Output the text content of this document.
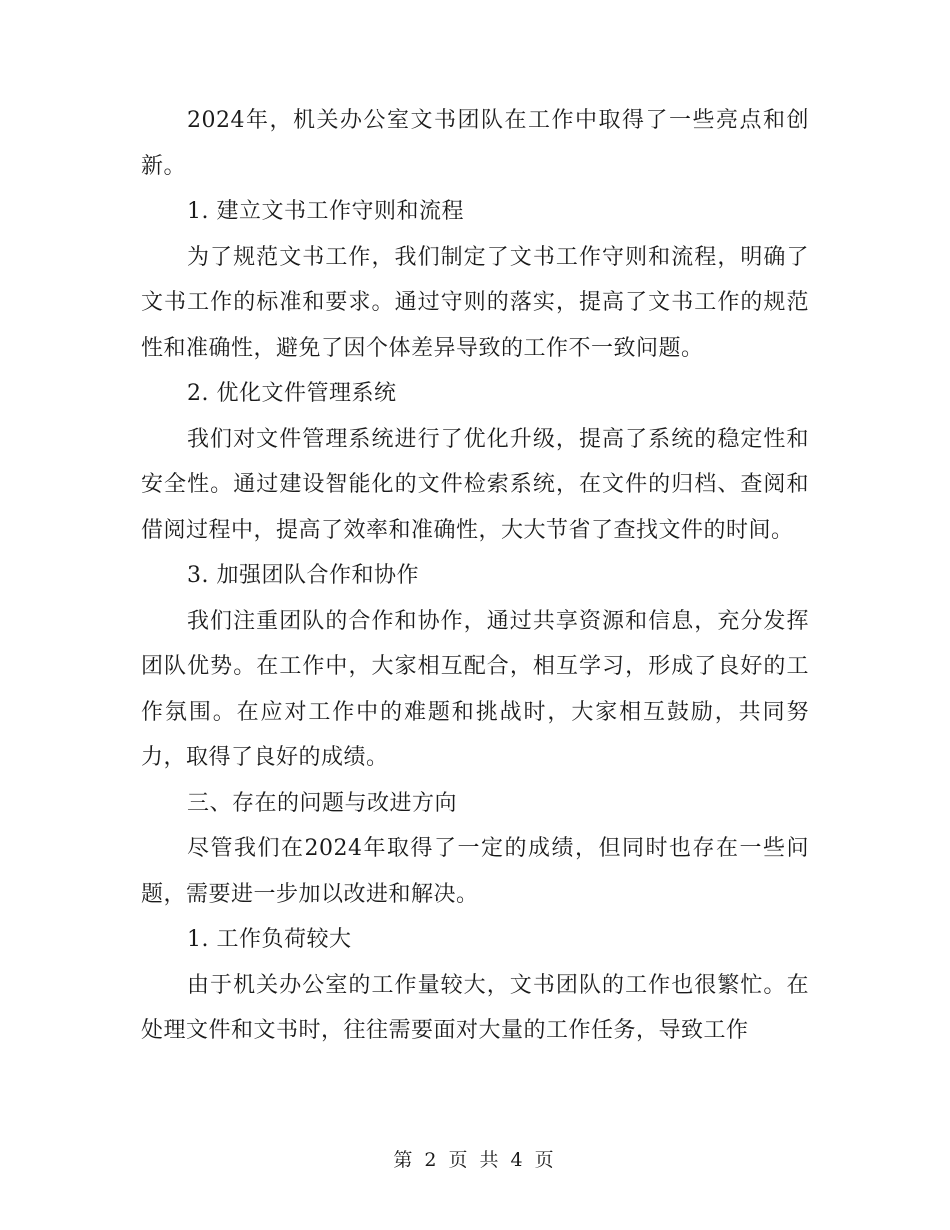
2024年，机关办公室文书团队在工作中取得了一些亮点和创新。

1. 建立文书工作守则和流程

为了规范文书工作，我们制定了文书工作守则和流程，明确了文书工作的标准和要求。通过守则的落实，提高了文书工作的规范性和准确性，避免了因个体差异导致的工作不一致问题。

2. 优化文件管理系统

我们对文件管理系统进行了优化升级，提高了系统的稳定性和安全性。通过建设智能化的文件检索系统，在文件的归档、查阅和借阅过程中，提高了效率和准确性，大大节省了查找文件的时间。

3. 加强团队合作和协作

我们注重团队的合作和协作，通过共享资源和信息，充分发挥团队优势。在工作中，大家相互配合，相互学习，形成了良好的工作氛围。在应对工作中的难题和挑战时，大家相互鼓励，共同努力，取得了良好的成绩。

三、存在的问题与改进方向

尽管我们在2024年取得了一定的成绩，但同时也存在一些问题，需要进一步加以改进和解决。

1. 工作负荷较大

由于机关办公室的工作量较大，文书团队的工作也很繁忙。在处理文件和文书时，往往需要面对大量的工作任务，导致工作

第 2 页 共 4 页
